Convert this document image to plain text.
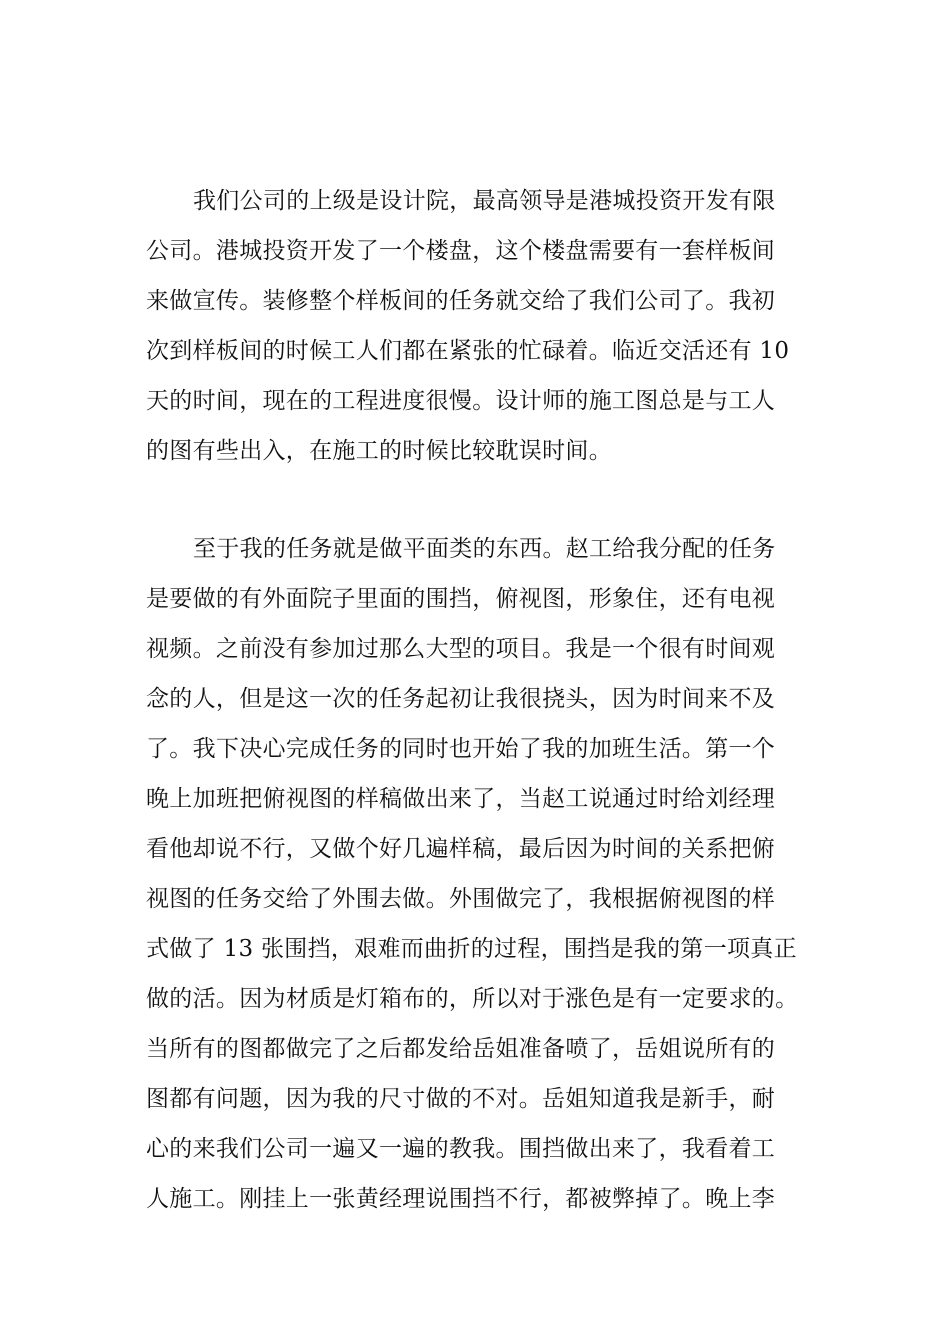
我们公司的上级是设计院，最高领导是港城投资开发有限
公司。港城投资开发了一个楼盘，这个楼盘需要有一套样板间
来做宣传。装修整个样板间的任务就交给了我们公司了。我初
次到样板间的时候工人们都在紧张的忙碌着。临近交活还有 10
天的时间，现在的工程进度很慢。设计师的施工图总是与工人
的图有些出入，在施工的时候比较耽误时间。
至于我的任务就是做平面类的东西。赵工给我分配的任务
是要做的有外面院子里面的围挡，俯视图，形象住，还有电视
视频。之前没有参加过那么大型的项目。我是一个很有时间观
念的人，但是这一次的任务起初让我很挠头，因为时间来不及
了。我下决心完成任务的同时也开始了我的加班生活。第一个
晚上加班把俯视图的样稿做出来了，当赵工说通过时给刘经理
看他却说不行，又做个好几遍样稿，最后因为时间的关系把俯
视图的任务交给了外围去做。外围做完了，我根据俯视图的样
式做了 13 张围挡，艰难而曲折的过程，围挡是我的第一项真正
做的活。因为材质是灯箱布的，所以对于涨色是有一定要求的。
当所有的图都做完了之后都发给岳姐准备喷了，岳姐说所有的
图都有问题，因为我的尺寸做的不对。岳姐知道我是新手，耐
心的来我们公司一遍又一遍的教我。围挡做出来了，我看着工
人施工。刚挂上一张黄经理说围挡不行，都被弊掉了。晚上李
